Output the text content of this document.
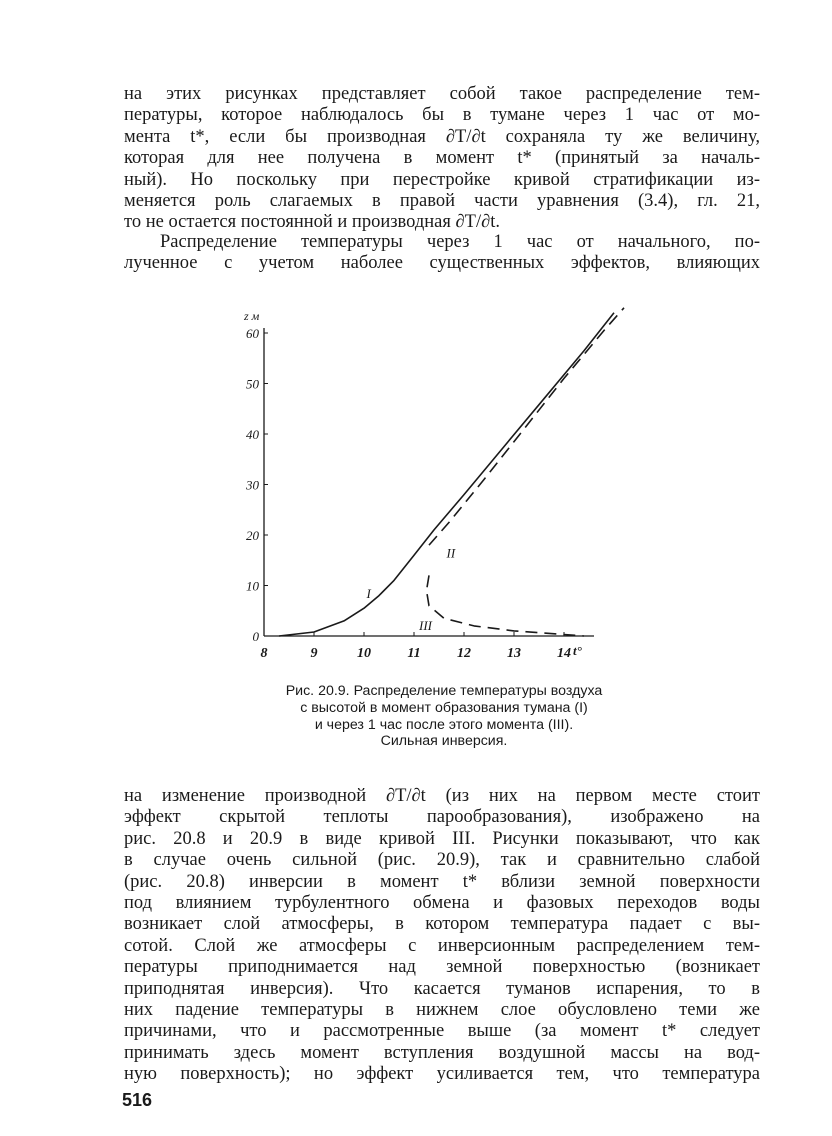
на этих рисунках представляет собой такое распределение тем-
пературы, которое наблюдалось бы в тумане через 1 час от мо-
мента t*, если бы производная ∂T/∂t сохраняла ту же величину,
которая для нее получена в момент t* (принятый за началь-
ный). Но поскольку при перестройке кривой стратификации из-
меняется роль слагаемых в правой части уравнения (3.4), гл. 21,
то не остается постоянной и производная ∂T/∂t.
Распределение температуры через 1 час от начального, по-
лученное с учетом наболее существенных эффектов, влияющих
0
10
20
30
40
50
60
8	9	10	11	12	13	14
z м
t°
I
II
III
Рис. 20.9. Распределение температуры воздуха
с высотой в момент образования тумана (I)
и через 1 час после этого момента (III).
Сильная инверсия.
на изменение производной ∂T/∂t (из них на первом месте стоит
эффект скрытой теплоты парообразования), изображено на
рис. 20.8 и 20.9 в виде кривой III. Рисунки показывают, что как
в случае очень сильной (рис. 20.9), так и сравнительно слабой
(рис. 20.8) инверсии в момент t* вблизи земной поверхности
под влиянием турбулентного обмена и фазовых переходов воды
возникает слой атмосферы, в котором температура падает с вы-
сотой. Слой же атмосферы с инверсионным распределением тем-
пературы приподнимается над земной поверхностью (возникает
приподнятая инверсия). Что касается туманов испарения, то в
них падение температуры в нижнем слое обусловлено теми же
причинами, что и рассмотренные выше (за момент t* следует
принимать здесь момент вступления воздушной массы на вод-
ную поверхность); но эффект усиливается тем, что температура
516
